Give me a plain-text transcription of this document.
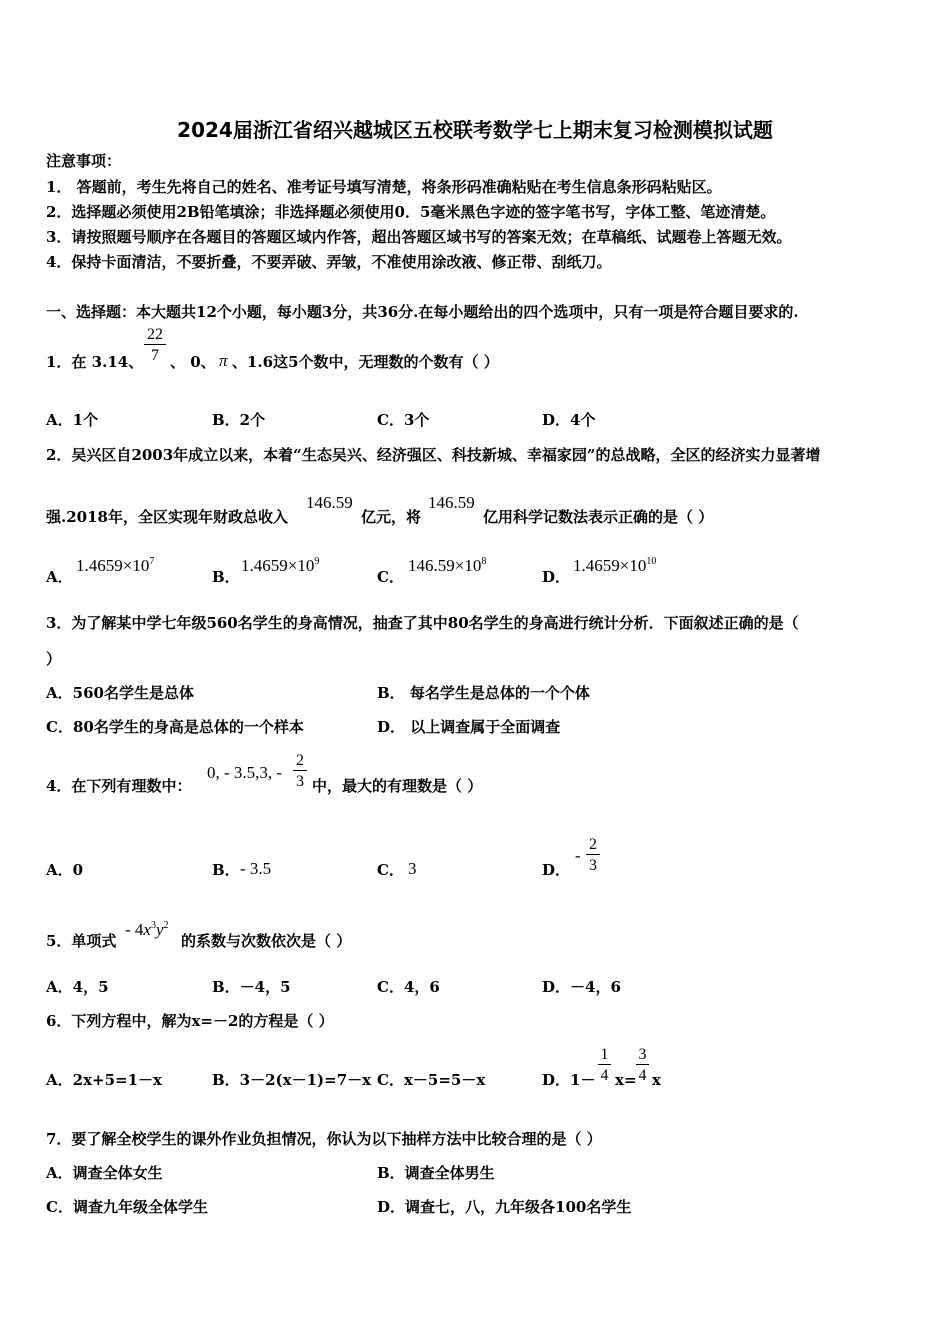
2024届浙江省绍兴越城区五校联考数学七上期末复习检测模拟试题
注意事项：
1． 答题前，考生先将自己的姓名、准考证号填写清楚，将条形码准确粘贴在考生信息条形码粘贴区。
2．选择题必须使用2B铅笔填涂；非选择题必须使用0．5毫米黑色字迹的签字笔书写，字体工整、笔迹清楚。
3．请按照题号顺序在各题目的答题区域内作答，超出答题区域书写的答案无效；在草稿纸、试题卷上答题无效。
4．保持卡面清洁，不要折叠，不要弄破、弄皱，不准使用涂改液、修正带、刮纸刀。
一、选择题：本大题共12个小题，每小题3分，共36分.在每小题给出的四个选项中，只有一项是符合题目要求的.
1．在 3.14、 $\frac{22}{7}$ 、 0、 π 、1.6这5个数中，无理数的个数有（ ）
A．1个	B．2个	C．3个	D．4个
2．吴兴区自2003年成立以来，本着“生态吴兴、经济强区、科技新城、幸福家园”的总战略，全区的经济实力显著增
强.2018年，全区实现年财政总收入
146.59
亿元，将
146.59
亿用科学记数法表示正确的是（ ）
A．
$1.4659\times 10^7$
B．
$1.4659\times 10^9$
C．
$146.59\times 10^8$
D．
$1.4659\times 10^{10}$
3．为了解某中学七年级560名学生的身高情况，抽查了其中80名学生的身高进行统计分析．下面叙述正确的是（
）
A．560名学生是总体	B． 每名学生是总体的一个个体
C．80名学生的身高是总体的一个样本	D． 以上调查属于全面调查
4．在下列有理数中：
0, - 3.5,3, - $\frac{2}{3}$ 中，最大的有理数是（ ）
A．0	B． - 3.5	C． 3	D．
- $\frac{2}{3}$
5．单项式
- $4x^3y^2$
的系数与次数依次是（ ）
A．4，5	B．－4，5	C．4，6	D．－4，6
6．下列方程中，解为x=－2的方程是（ ）
A．2x+5=1－x	B．3－2(x－1)=7－x C．x－5=5－x	D．$1- \frac{1}{4} x= \frac{3}{4}$ x
7．要了解全校学生的课外作业负担情况，你认为以下抽样方法中比较合理的是（ ）
A．调查全体女生	B．调查全体男生
C．调查九年级全体学生	D．调查七，八，九年级各100名学生
